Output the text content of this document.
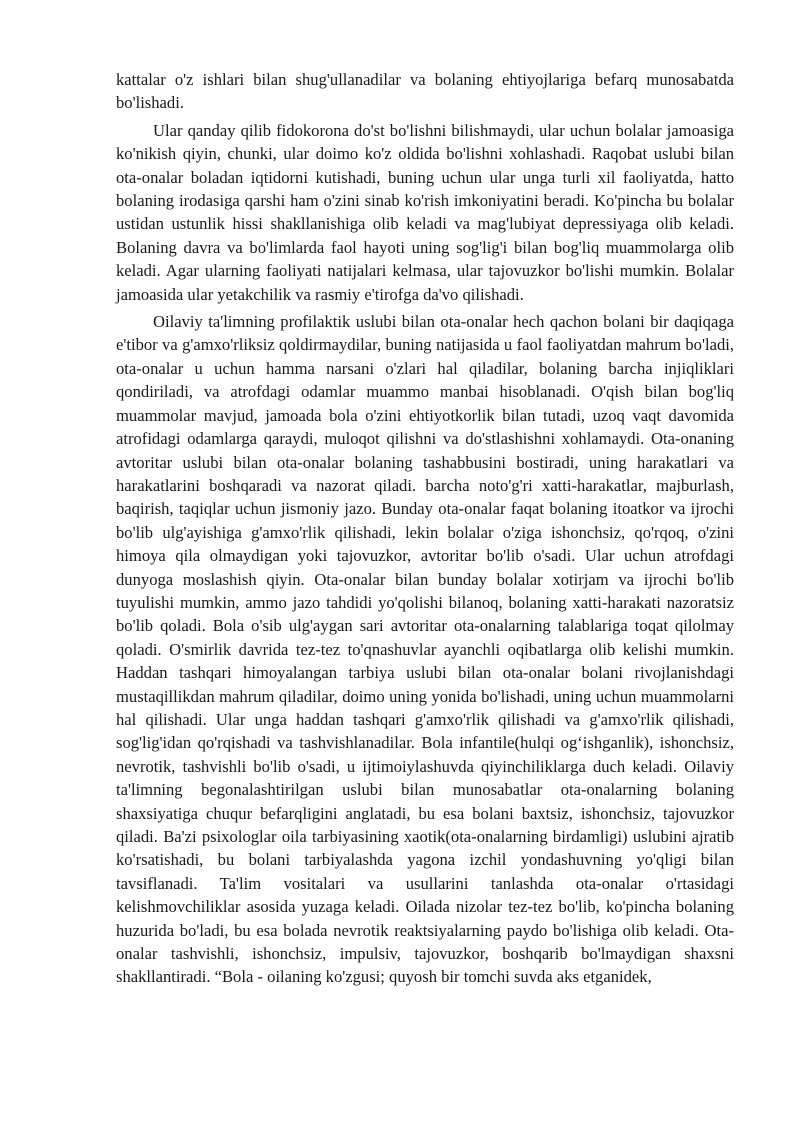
kattalar o'z ishlari bilan shug'ullanadilar va bolaning ehtiyojlariga befarq munosabatda bo'lishadi.

Ular qanday qilib fidokorona do'st bo'lishni bilishmaydi, ular uchun bolalar jamoasiga ko'nikish qiyin, chunki, ular doimo ko'z oldida bo'lishni xohlashadi. Raqobat uslubi bilan ota-onalar boladan iqtidorni kutishadi, buning uchun ular unga turli xil faoliyatda, hatto bolaning irodasiga qarshi ham o'zini sinab ko'rish imkoniyatini beradi. Ko'pincha bu bolalar ustidan ustunlik hissi shakllanishiga olib keladi va mag'lubiyat depressiyaga olib keladi. Bolaning davra va bo'limlarda faol hayoti uning sog'lig'i bilan bog'liq muammolarga olib keladi. Agar ularning faoliyati natijalari kelmasa, ular tajovuzkor bo'lishi mumkin. Bolalar jamoasida ular yetakchilik va rasmiy e'tirofga da'vo qilishadi.

Oilaviy ta'limning profilaktik uslubi bilan ota-onalar hech qachon bolani bir daqiqaga e'tibor va g'amxo'rliksiz qoldirmaydilar, buning natijasida u faol faoliyatdan mahrum bo'ladi, ota-onalar u uchun hamma narsani o'zlari hal qiladilar, bolaning barcha injiqliklari qondiriladi, va atrofdagi odamlar muammo manbai hisoblanadi. O'qish bilan bog'liq muammolar mavjud, jamoada bola o'zini ehtiyotkorlik bilan tutadi, uzoq vaqt davomida atrofidagi odamlarga qaraydi, muloqot qilishni va do'stlashishni xohlamaydi. Ota-onaning avtoritar uslubi bilan ota-onalar bolaning tashabbusini bostiradi, uning harakatlari va harakatlarini boshqaradi va nazorat qiladi. barcha noto'g'ri xatti-harakatlar, majburlash, baqirish, taqiqlar uchun jismoniy jazo. Bunday ota-onalar faqat bolaning itoatkor va ijrochi bo'lib ulg'ayishiga g'amxo'rlik qilishadi, lekin bolalar o'ziga ishonchsiz, qo'rqoq, o'zini himoya qila olmaydigan yoki tajovuzkor, avtoritar bo'lib o'sadi. Ular uchun atrofdagi dunyoga moslashish qiyin. Ota-onalar bilan bunday bolalar xotirjam va ijrochi bo'lib tuyulishi mumkin, ammo jazo tahdidi yo'qolishi bilanoq, bolaning xatti-harakati nazoratsiz bo'lib qoladi. Bola o'sib ulg'aygan sari avtoritar ota-onalarning talablariga toqat qilolmay qoladi. O'smirlik davrida tez-tez to'qnashuvlar ayanchli oqibatlarga olib kelishi mumkin. Haddan tashqari himoyalangan tarbiya uslubi bilan ota-onalar bolani rivojlanishdagi mustaqillikdan mahrum qiladilar, doimo uning yonida bo'lishadi, uning uchun muammolarni hal qilishadi. Ular unga haddan tashqari g'amxo'rlik qilishadi va g'amxo'rlik qilishadi, sog'lig'idan qo'rqishadi va tashvishlanadilar. Bola infantile(hulqi og‘ishganlik), ishonchsiz, nevrotik, tashvishli bo'lib o'sadi, u ijtimoiylashuvda qiyinchiliklarga duch keladi. Oilaviy ta'limning begonalashtirilgan uslubi bilan munosabatlar ota-onalarning bolaning shaxsiyatiga chuqur befarqligini anglatadi, bu esa bolani baxtsiz, ishonchsiz, tajovuzkor qiladi. Ba'zi psixologlar oila tarbiyasining xaotik(ota-onalarning birdamligi) uslubini ajratib ko'rsatishadi, bu bolani tarbiyalashda yagona izchil yondashuvning yo'qligi bilan tavsiflanadi. Ta'lim vositalari va usullarini tanlashda ota-onalar o'rtasidagi kelishmovchiliklar asosida yuzaga keladi. Oilada nizolar tez-tez bo'lib, ko'pincha bolaning huzurida bo'ladi, bu esa bolada nevrotik reaktsiyalarning paydo bo'lishiga olib keladi. Ota-onalar tashvishli, ishonchsiz, impulsiv, tajovuzkor, boshqarib bo'lmaydigan shaxsni shakllantiradi. “Bola - oilaning ko'zgusi; quyosh bir tomchi suvda aks etganidek,
